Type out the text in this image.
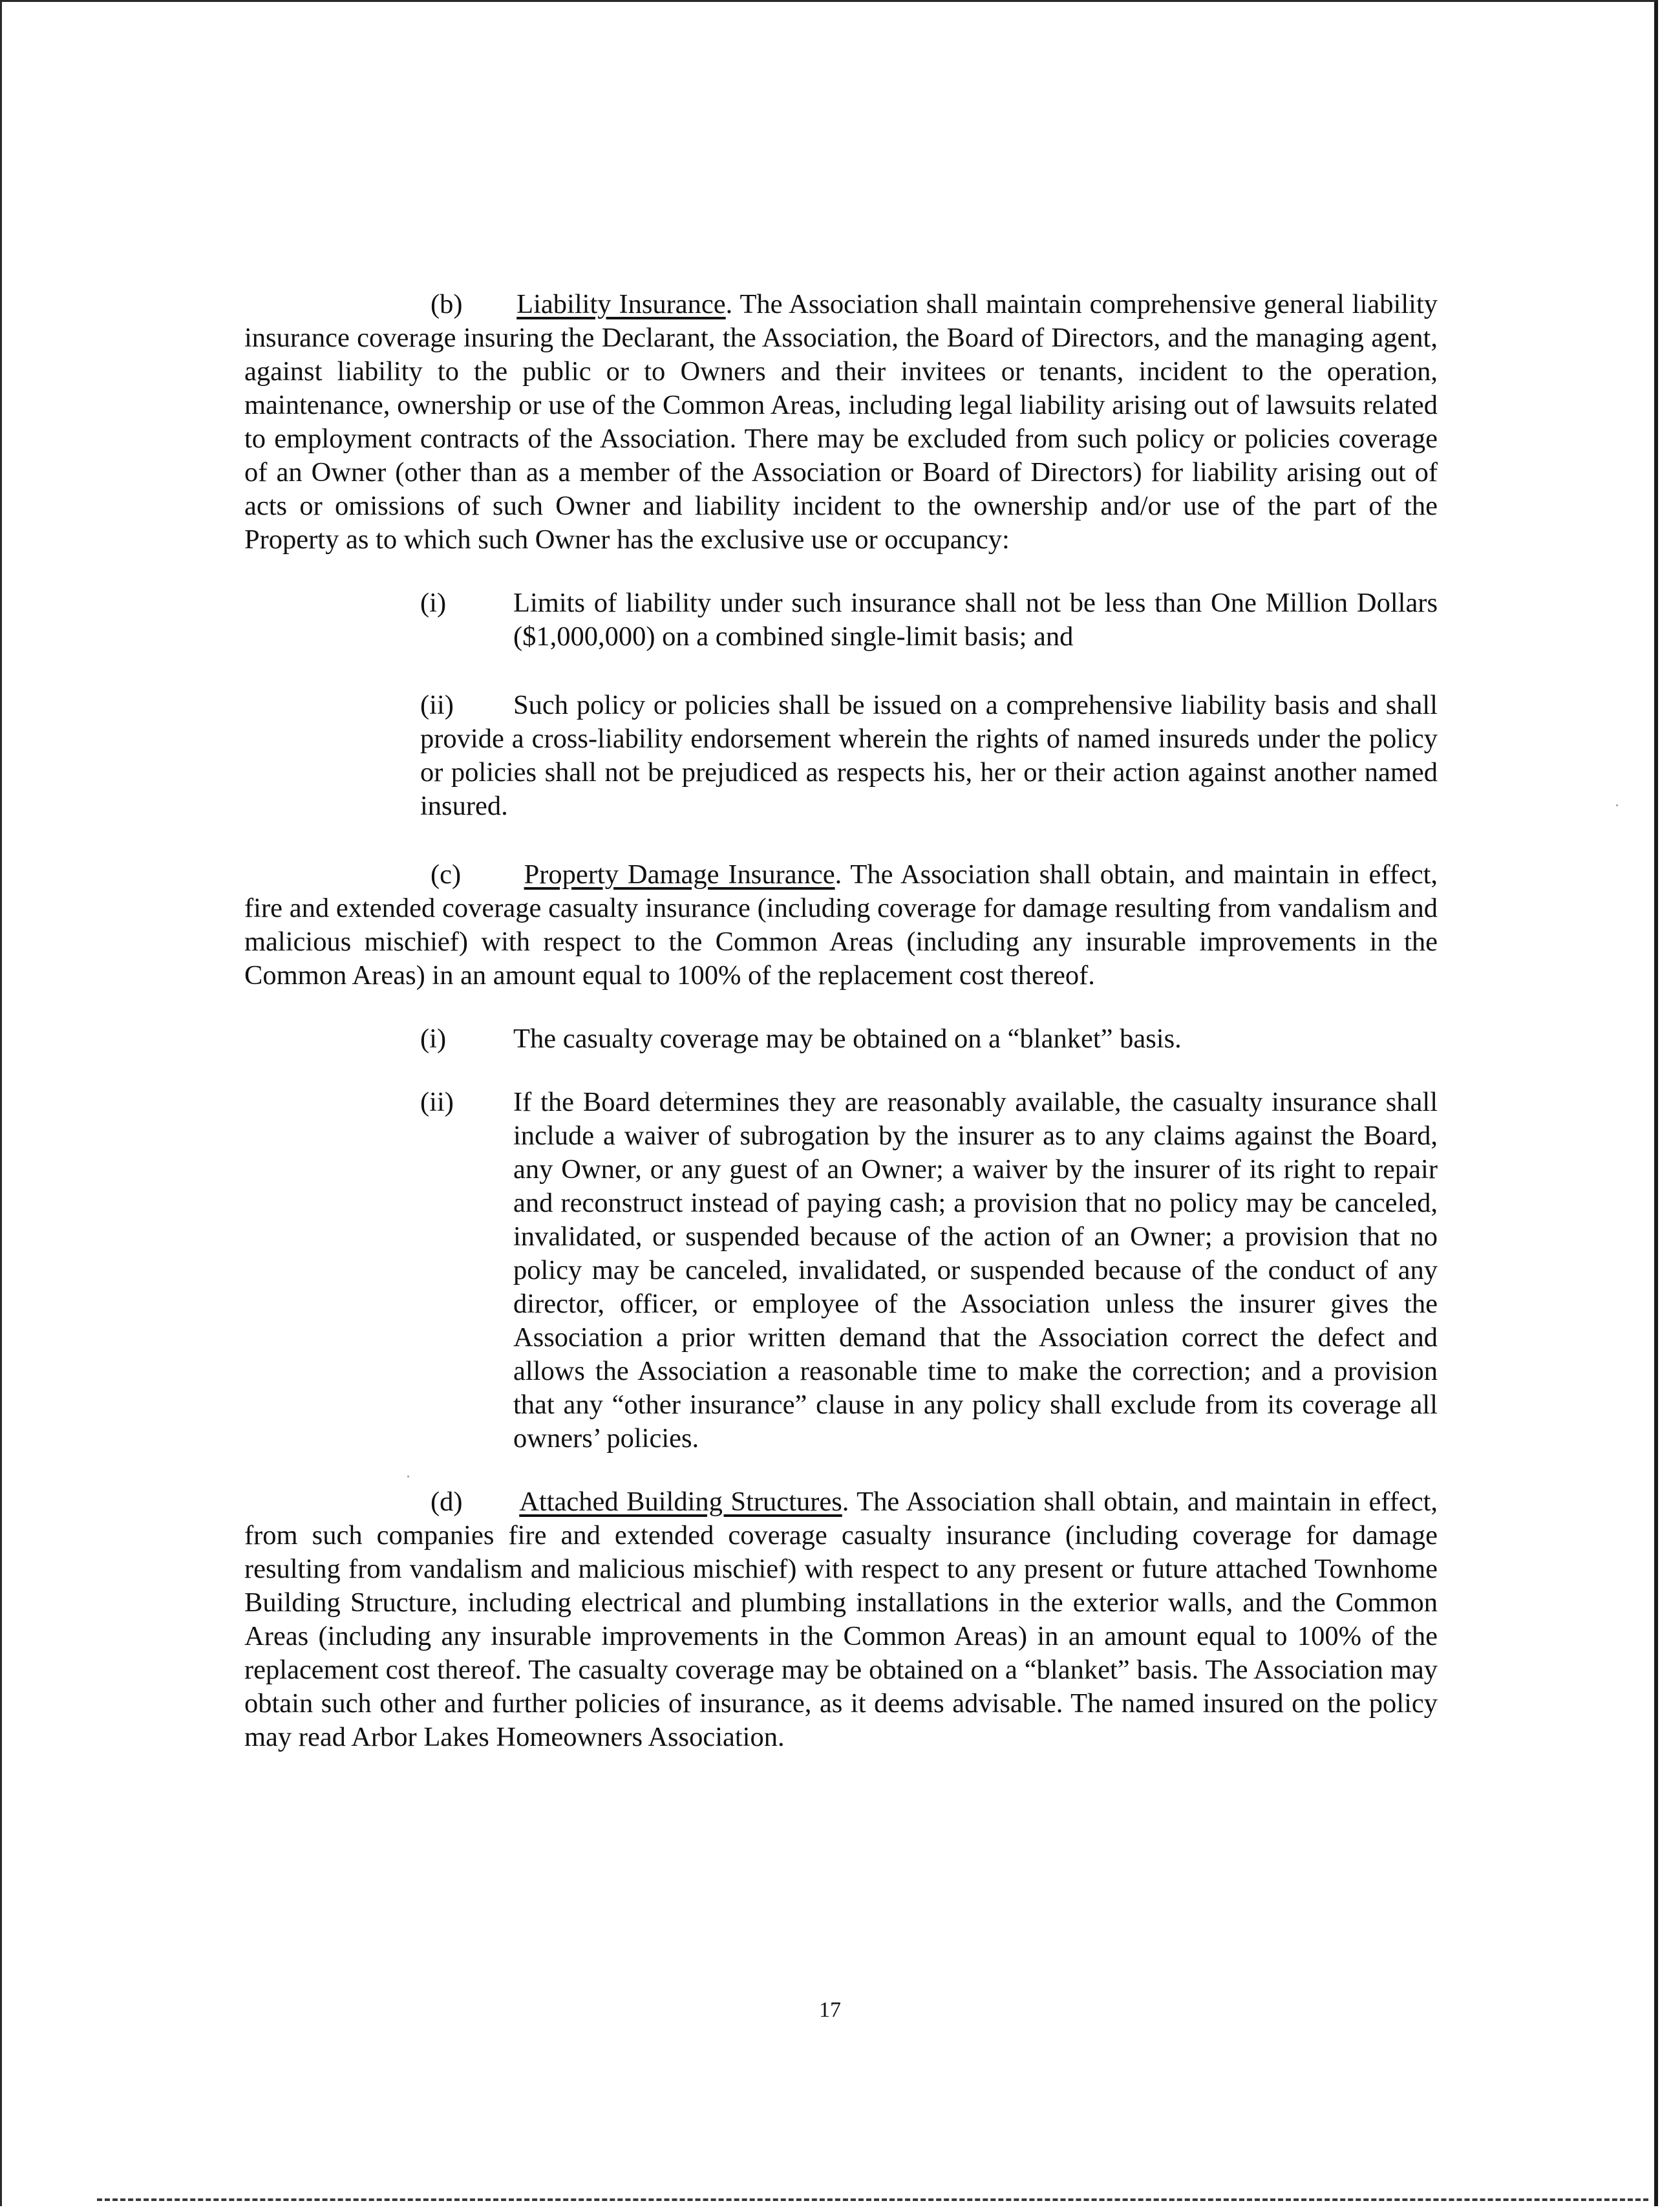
(b) Liability Insurance. The Association shall maintain comprehensive general liability insurance coverage insuring the Declarant, the Association, the Board of Directors, and the managing agent, against liability to the public or to Owners and their invitees or tenants, incident to the operation, maintenance, ownership or use of the Common Areas, including legal liability arising out of lawsuits related to employment contracts of the Association. There may be excluded from such policy or policies coverage of an Owner (other than as a member of the Association or Board of Directors) for liability arising out of acts or omissions of such Owner and liability incident to the ownership and/or use of the part of the Property as to which such Owner has the exclusive use or occupancy:

(i) Limits of liability under such insurance shall not be less than One Million Dollars ($1,000,000) on a combined single-limit basis; and

(ii) Such policy or policies shall be issued on a comprehensive liability basis and shall provide a cross-liability endorsement wherein the rights of named insureds under the policy or policies shall not be prejudiced as respects his, her or their action against another named insured.

(c) Property Damage Insurance. The Association shall obtain, and maintain in effect, fire and extended coverage casualty insurance (including coverage for damage resulting from vandalism and malicious mischief) with respect to the Common Areas (including any insurable improvements in the Common Areas) in an amount equal to 100% of the replacement cost thereof.

(i) The casualty coverage may be obtained on a “blanket” basis.

(ii) If the Board determines they are reasonably available, the casualty insurance shall include a waiver of subrogation by the insurer as to any claims against the Board, any Owner, or any guest of an Owner; a waiver by the insurer of its right to repair and reconstruct instead of paying cash; a provision that no policy may be canceled, invalidated, or suspended because of the action of an Owner; a provision that no policy may be canceled, invalidated, or suspended because of the conduct of any director, officer, or employee of the Association unless the insurer gives the Association a prior written demand that the Association correct the defect and allows the Association a reasonable time to make the correction; and a provision that any “other insurance” clause in any policy shall exclude from its coverage all owners’ policies.

(d) Attached Building Structures. The Association shall obtain, and maintain in effect, from such companies fire and extended coverage casualty insurance (including coverage for damage resulting from vandalism and malicious mischief) with respect to any present or future attached Townhome Building Structure, including electrical and plumbing installations in the exterior walls, and the Common Areas (including any insurable improvements in the Common Areas) in an amount equal to 100% of the replacement cost thereof. The casualty coverage may be obtained on a “blanket” basis. The Association may obtain such other and further policies of insurance, as it deems advisable. The named insured on the policy may read Arbor Lakes Homeowners Association.

17
